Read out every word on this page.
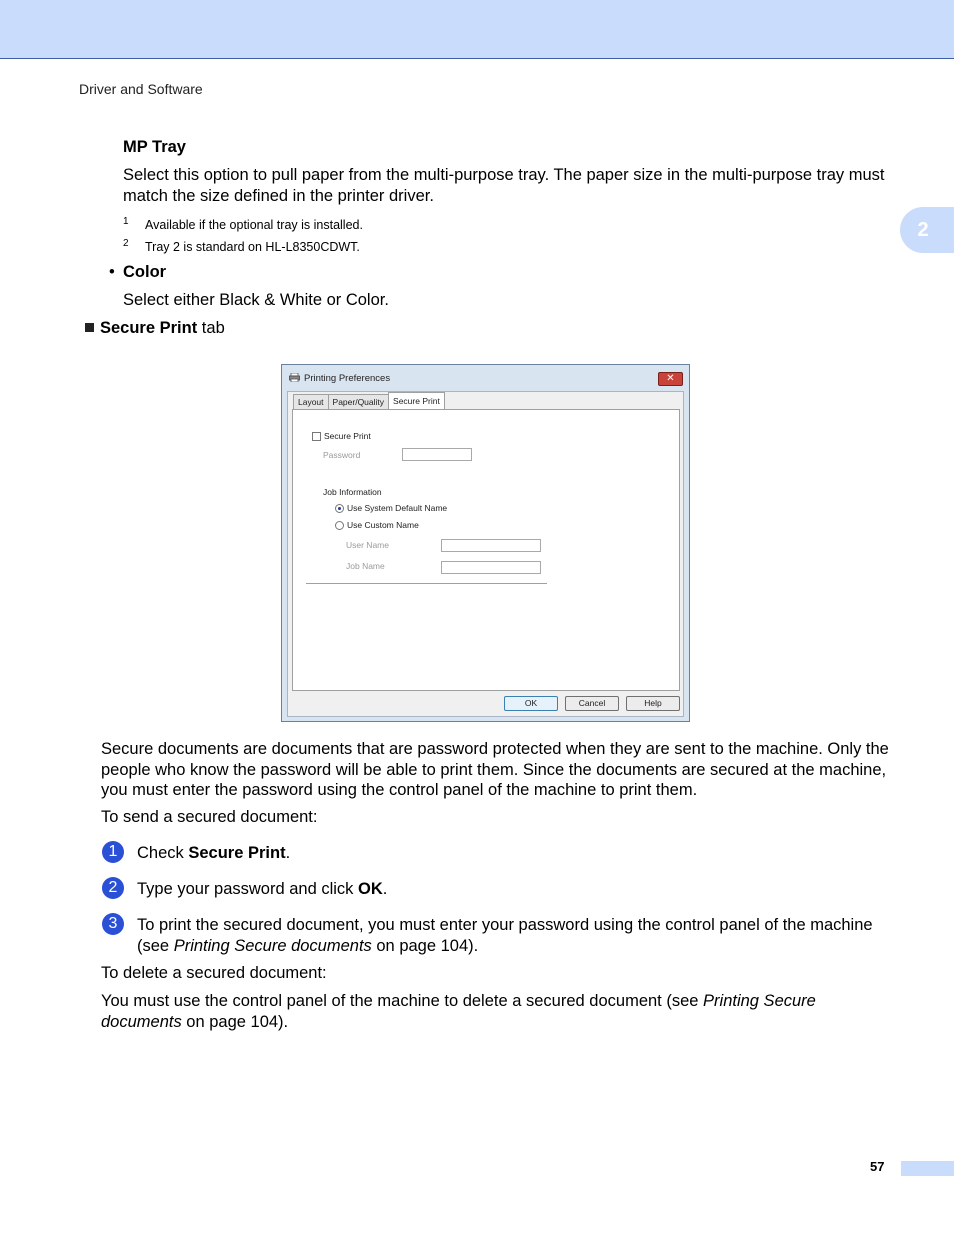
Driver and Software
2
MP Tray
Select this option to pull paper from the multi-purpose tray. The paper size in the multi-purpose tray must match the size defined in the printer driver.
1 Available if the optional tray is installed.
2 Tray 2 is standard on HL-L8350CDWT.
• Color
Select either Black & White or Color.
Secure Print tab
Printing Preferences	✕
Layout	Paper/Quality	Secure Print
Secure Print
Password
Job Information
Use System Default Name
Use Custom Name
User Name
Job Name
OK	Cancel	Help
Secure documents are documents that are password protected when they are sent to the machine. Only the people who know the password will be able to print them. Since the documents are secured at the machine, you must enter the password using the control panel of the machine to print them.
To send a secured document:
1	Check Secure Print.
2	Type your password and click OK.
3	To print the secured document, you must enter your password using the control panel of the machine (see Printing Secure documents on page 104).
To delete a secured document:
You must use the control panel of the machine to delete a secured document (see Printing Secure documents on page 104).
57
